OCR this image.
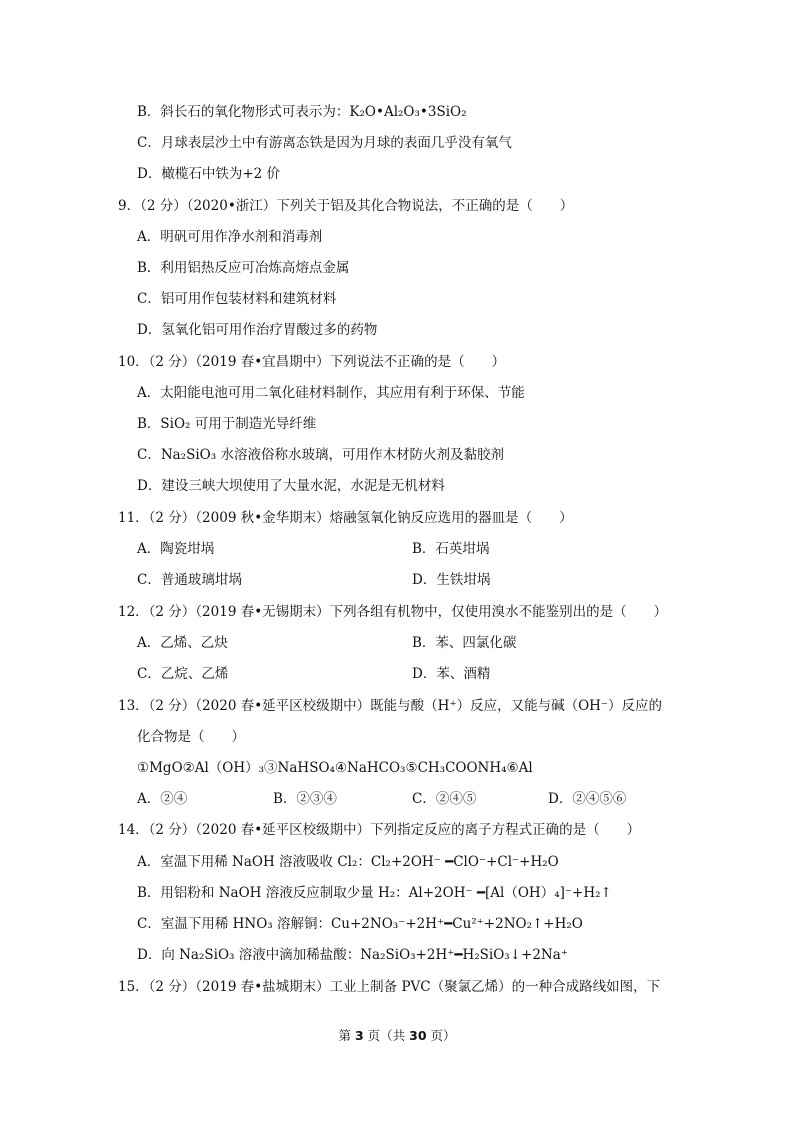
B．斜长石的氧化物形式可表示为：K₂O•Al₂O₃•3SiO₂
C．月球表层沙土中有游离态铁是因为月球的表面几乎没有氧气
D．橄榄石中铁为+2 价
9．（2 分）（2020•浙江）下列关于铝及其化合物说法，不正确的是（　　）
A．明矾可用作净水剂和消毒剂
B．利用铝热反应可冶炼高熔点金属
C．铝可用作包装材料和建筑材料
D．氢氧化铝可用作治疗胃酸过多的药物
10．（2 分）（2019 春•宜昌期中）下列说法不正确的是（　　）
A．太阳能电池可用二氧化硅材料制作，其应用有利于环保、节能
B．SiO₂ 可用于制造光导纤维
C．Na₂SiO₃ 水溶液俗称水玻璃，可用作木材防火剂及黏胶剂
D．建设三峡大坝使用了大量水泥，水泥是无机材料
11．（2 分）（2009 秋•金华期末）熔融氢氧化钠反应选用的器皿是（　　）
A．陶瓷坩埚	B．石英坩埚
C．普通玻璃坩埚	D．生铁坩埚
12．（2 分）（2019 春•无锡期末）下列各组有机物中，仅使用溴水不能鉴别出的是（　　）
A．乙烯、乙炔	B．苯、四氯化碳
C．乙烷、乙烯	D．苯、酒精
13．（2 分）（2020 春•延平区校级期中）既能与酸（H⁺）反应，又能与碱（OH⁻）反应的
化合物是（　　）
①MgO②Al（OH）₃③NaHSO₄④NaHCO₃⑤CH₃COONH₄⑥Al
A．②④	B．②③④	C．②④⑤	D．②④⑤⑥
14．（2 分）（2020 春•延平区校级期中）下列指定反应的离子方程式正确的是（　　）
A．室温下用稀 NaOH 溶液吸收 Cl₂：Cl₂+2OH⁻ ━ClO⁻+Cl⁻+H₂O
B．用铝粉和 NaOH 溶液反应制取少量 H₂：Al+2OH⁻ ━[Al（OH）₄]⁻+H₂↑
C．室温下用稀 HNO₃ 溶解铜：Cu+2NO₃⁻+2H⁺━Cu²⁺+2NO₂↑+H₂O
D．向 Na₂SiO₃ 溶液中滴加稀盐酸：Na₂SiO₃+2H⁺━H₂SiO₃↓+2Na⁺
15．（2 分）（2019 春•盐城期末）工业上制备 PVC（聚氯乙烯）的一种合成路线如图，下
第 3 页（共 30 页）
